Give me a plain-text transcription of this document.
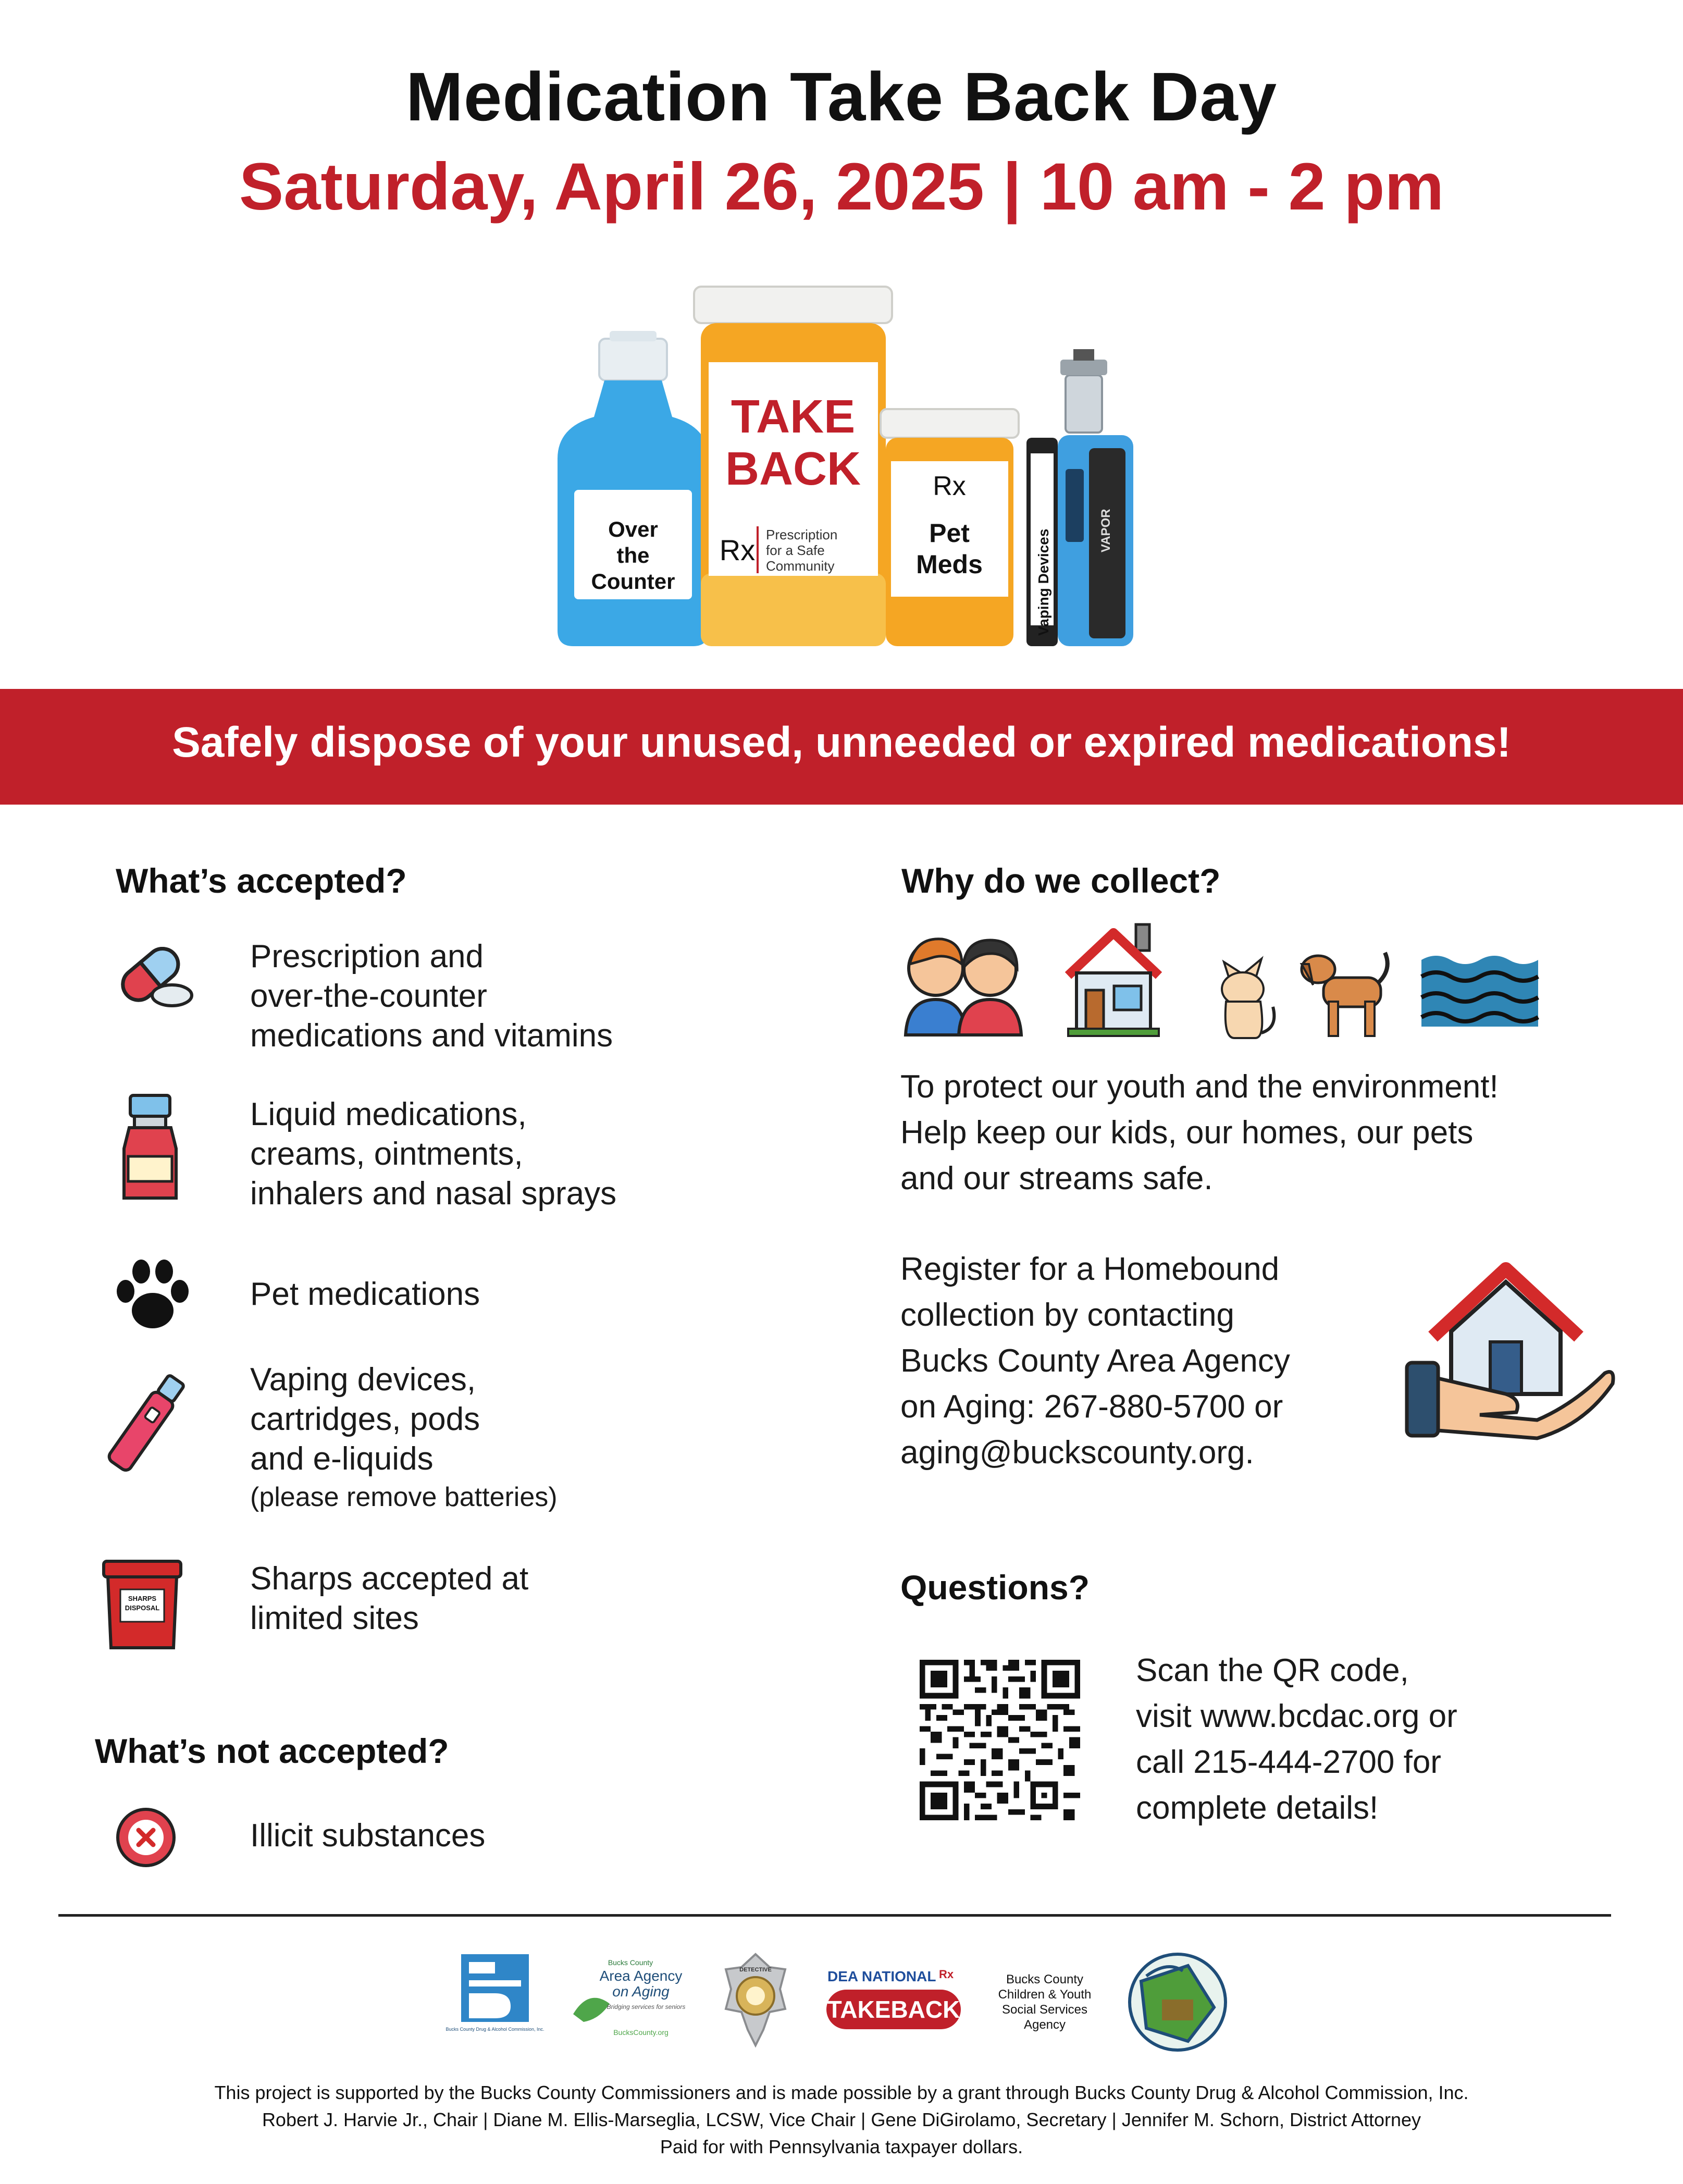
Medication Take Back Day
Saturday, April 26, 2025 | 10 am - 2 pm
Over
the
Counter
TAKE
BACK
Rx Prescription
for a Safe
Community
Rx
Pet
Meds	Vaping Devices	VAPOR
Safely dispose of your unused, unneeded or expired medications!
What’s accepted?
Prescription and
over-the-counter
medications and vitamins
Liquid medications,
creams, ointments,
inhalers and nasal sprays
Pet medications
Vaping devices,
cartridges, pods
and e-liquids
(please remove batteries)
SHARPS
DISPOSAL
Sharps accepted at
limited sites
What’s not accepted?
Illicit substances
Why do we collect?
To protect our youth and the environment!
Help keep our kids, our homes, our pets
and our streams safe.
Register for a Homebound
collection by contacting
Bucks County Area Agency
on Aging: 267-880-5700 or
aging@buckscounty.org.
Questions?
Scan the QR code,
visit www.bcdac.org or
call 215-444-2700 for
complete details!
Bucks County Drug & Alcohol Commission, Inc.
Bucks County
Area Agency
on Aging
Bridging services for seniors
BucksCounty.org
DETECTIVE	DEA NATIONAL Rx
TAKEBACK
Bucks County
Children & Youth
Social Services
Agency
This project is supported by the Bucks County Commissioners and is made possible by a grant through Bucks County Drug & Alcohol Commission, Inc.
Robert J. Harvie Jr., Chair | Diane M. Ellis-Marseglia, LCSW, Vice Chair | Gene DiGirolamo, Secretary | Jennifer M. Schorn, District Attorney
Paid for with Pennsylvania taxpayer dollars.
